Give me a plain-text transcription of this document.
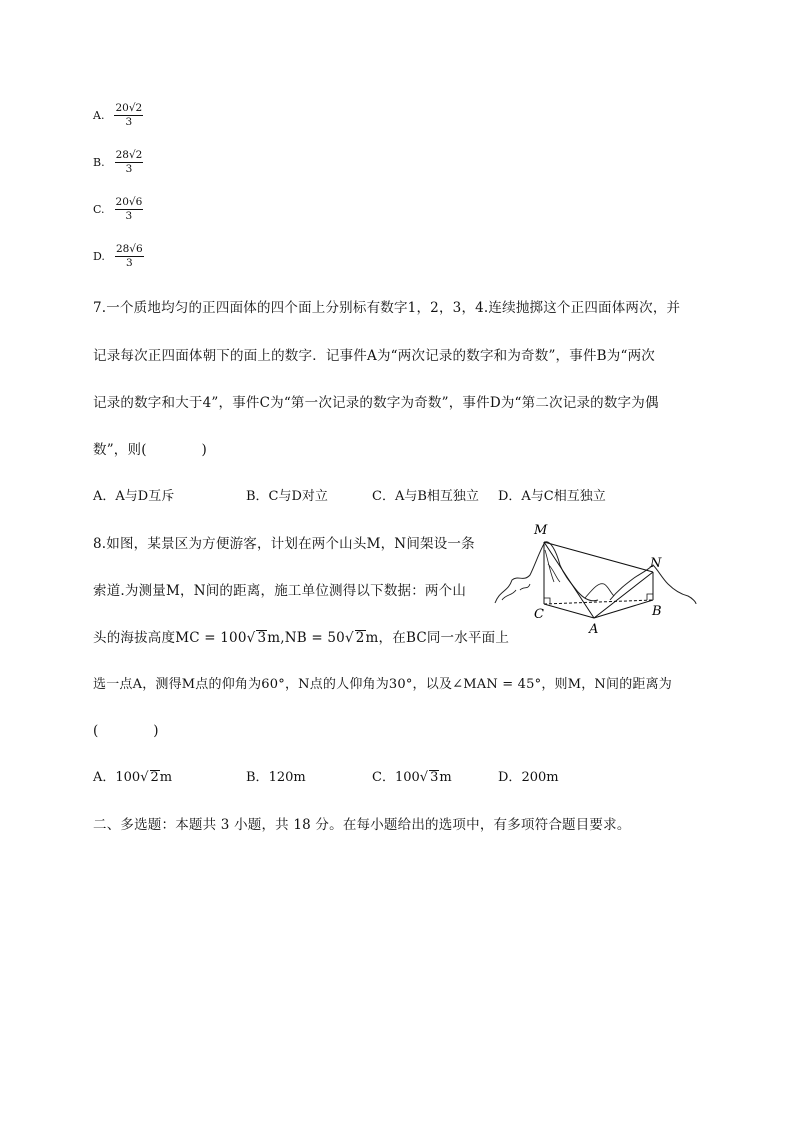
A. $\frac{20√2}{3}$
B. $\frac{28√2}{3}$
C. $\frac{20√6}{3}$
D. $\frac{28√6}{3}$
7.一个质地均匀的正四面体的四个面上分别标有数字1，2，3，4.连续抛掷这个正四面体两次，并
记录每次正四面体朝下的面上的数字．记事件A为“两次记录的数字和为奇数”，事件B为“两次
记录的数字和大于4”，事件C为“第一次记录的数字为奇数”，事件D为“第二次记录的数字为偶
数”，则(　　　　)
A．A与D互斥	B．C与D对立	C．A与B相互独立 D．A与C相互独立
8.如图，某景区为方便游客，计划在两个山头M，N间架设一条
索道.为测量M，N间的距离，施工单位测得以下数据：两个山
头的海拔高度MC = 100√ 3m,NB = 50√ 2m，在BC同一水平面上
选一点A，测得M点的仰角为60°，N点的人仰角为30°，以及∠MAN = 45°，则M，N间的距离为
(　　　　)
A．100√ 2m	B．120m	C．100√ 3m	D．200m
M
N
C	B
A
二、多选题：本题共 3 小题，共 18 分。在每小题给出的选项中，有多项符合题目要求。
